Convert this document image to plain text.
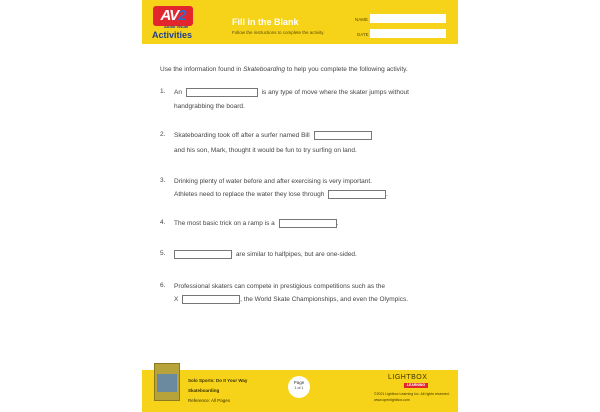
AV2
Audio Visual
Activities
Fill in the Blank
Follow the instructions to complete the activity.
NAME
DATE
Use the information found in Skateboarding to help you complete the following activity.
1. An	is any type of move where the skater jumps without
handgrabbing the board.
2. Skateboarding took off after a surfer named Bill
and his son, Mark, thought it would be fun to try surfing on land.
3. Drinking plenty of water before and after exercising is very important.
Athletes need to replace the water they lose through	.
4. The most basic trick on a ramp is a	.
5.	are similar to halfpipes, but are one-sided.
6. Professional skaters can compete in prestigious competitions such as the
X	, the World Skate Championships, and even the Olympics.
Solo Sports: Do It Your Way
Skateboarding
Reference: All Pages
Page
1 of 1
LIGHTBOX
LEARNING
©2021 Lightbox Learning Inc. All rights reserved.
www.openlightbox.com
